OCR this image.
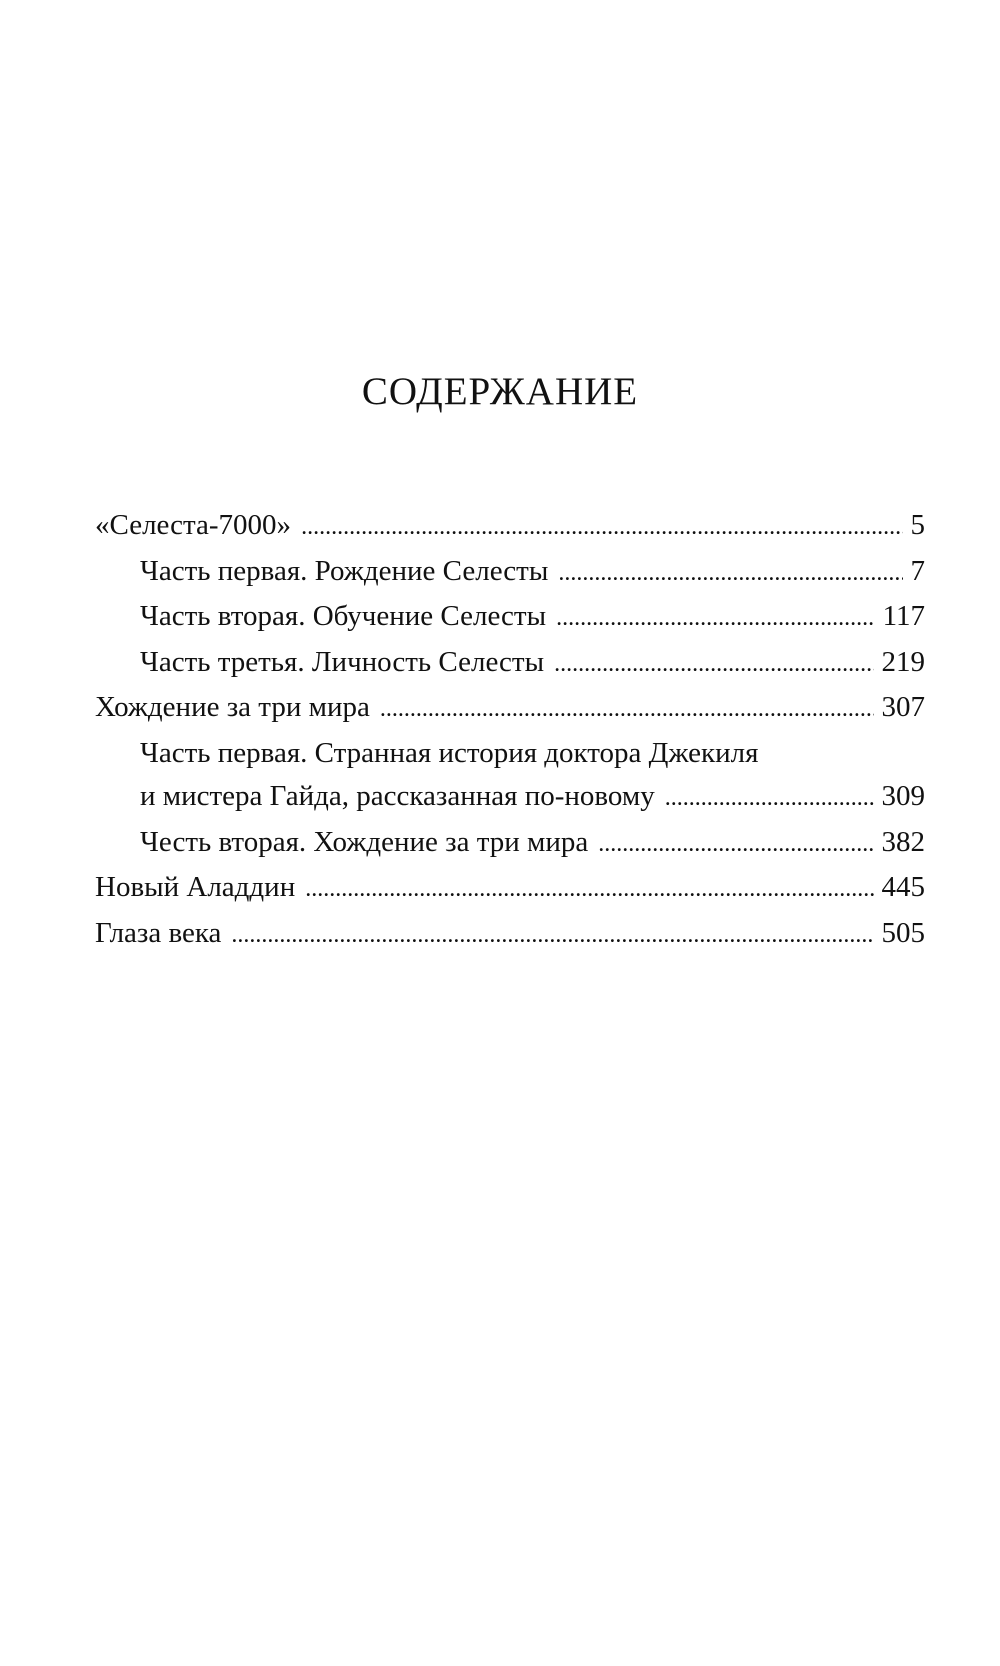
СОДЕРЖАНИЕ
«Селеста-7000» . . .	5
Часть первая. Рождение Селесты . . .	7
Часть вторая. Обучение Селесты . . .	117
Часть третья. Личность Селесты . . .	219
Хождение за три мира . . .	307
Часть первая. Странная история доктора Джекиля
и мистера Гайда, рассказанная по-новому . . .	309
Честь вторая. Хождение за три мира . . .	382
Новый Аладдин . . .	445
Глаза века . . .	505
